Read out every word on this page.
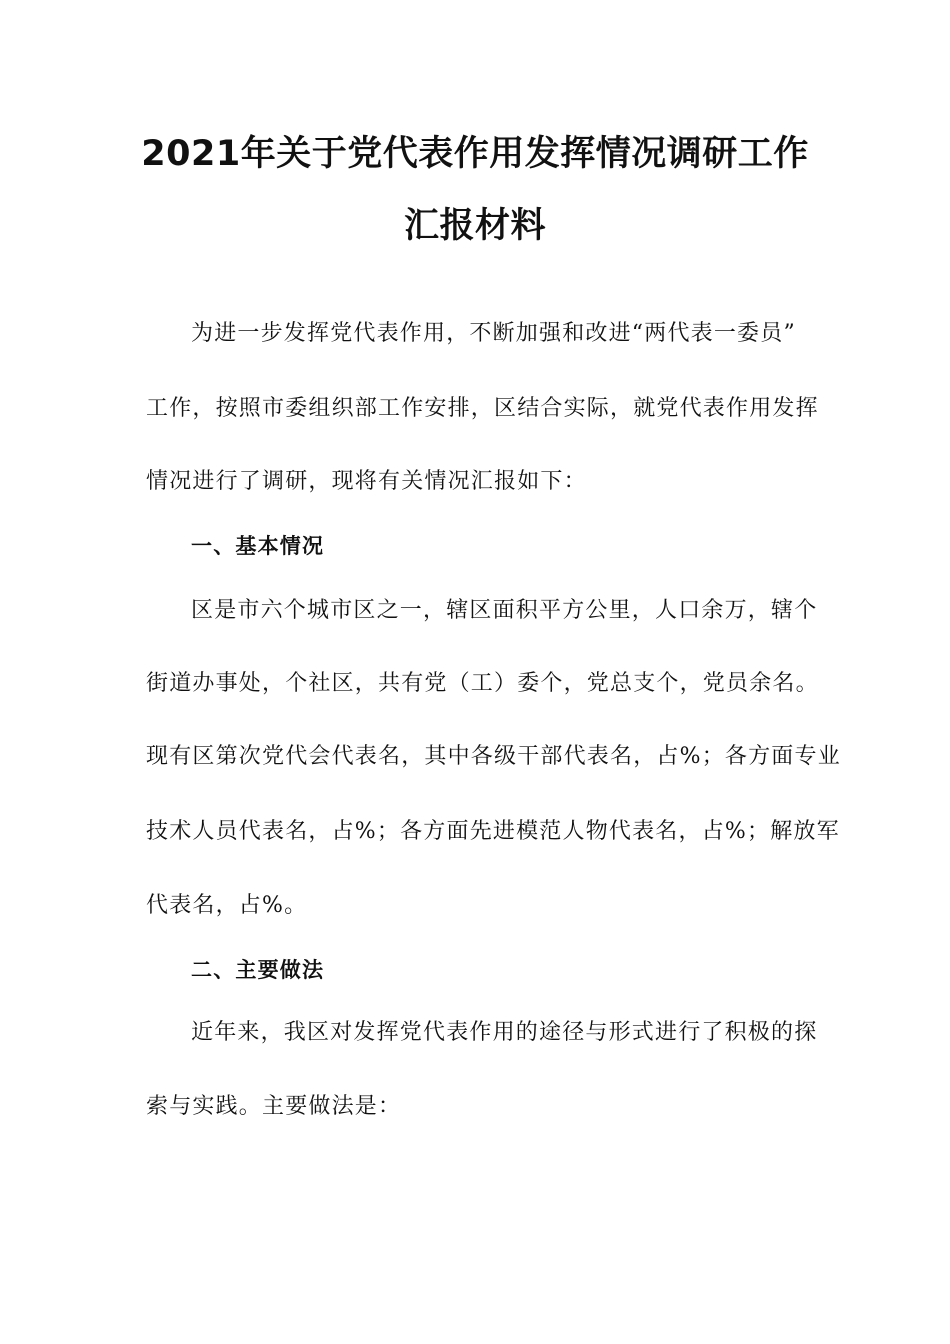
2021年关于党代表作用发挥情况调研工作
汇报材料
为进一步发挥党代表作用，不断加强和改进“两代表一委员”
工作，按照市委组织部工作安排，区结合实际，就党代表作用发挥
情况进行了调研，现将有关情况汇报如下：
一、基本情况
区是市六个城市区之一，辖区面积平方公里，人口余万，辖个
街道办事处，个社区，共有党（工）委个，党总支个，党员余名。
现有区第次党代会代表名，其中各级干部代表名，占%；各方面专业
技术人员代表名，占%；各方面先进模范人物代表名，占%；解放军
代表名，占%。
二、主要做法
近年来，我区对发挥党代表作用的途径与形式进行了积极的探
索与实践。主要做法是：
